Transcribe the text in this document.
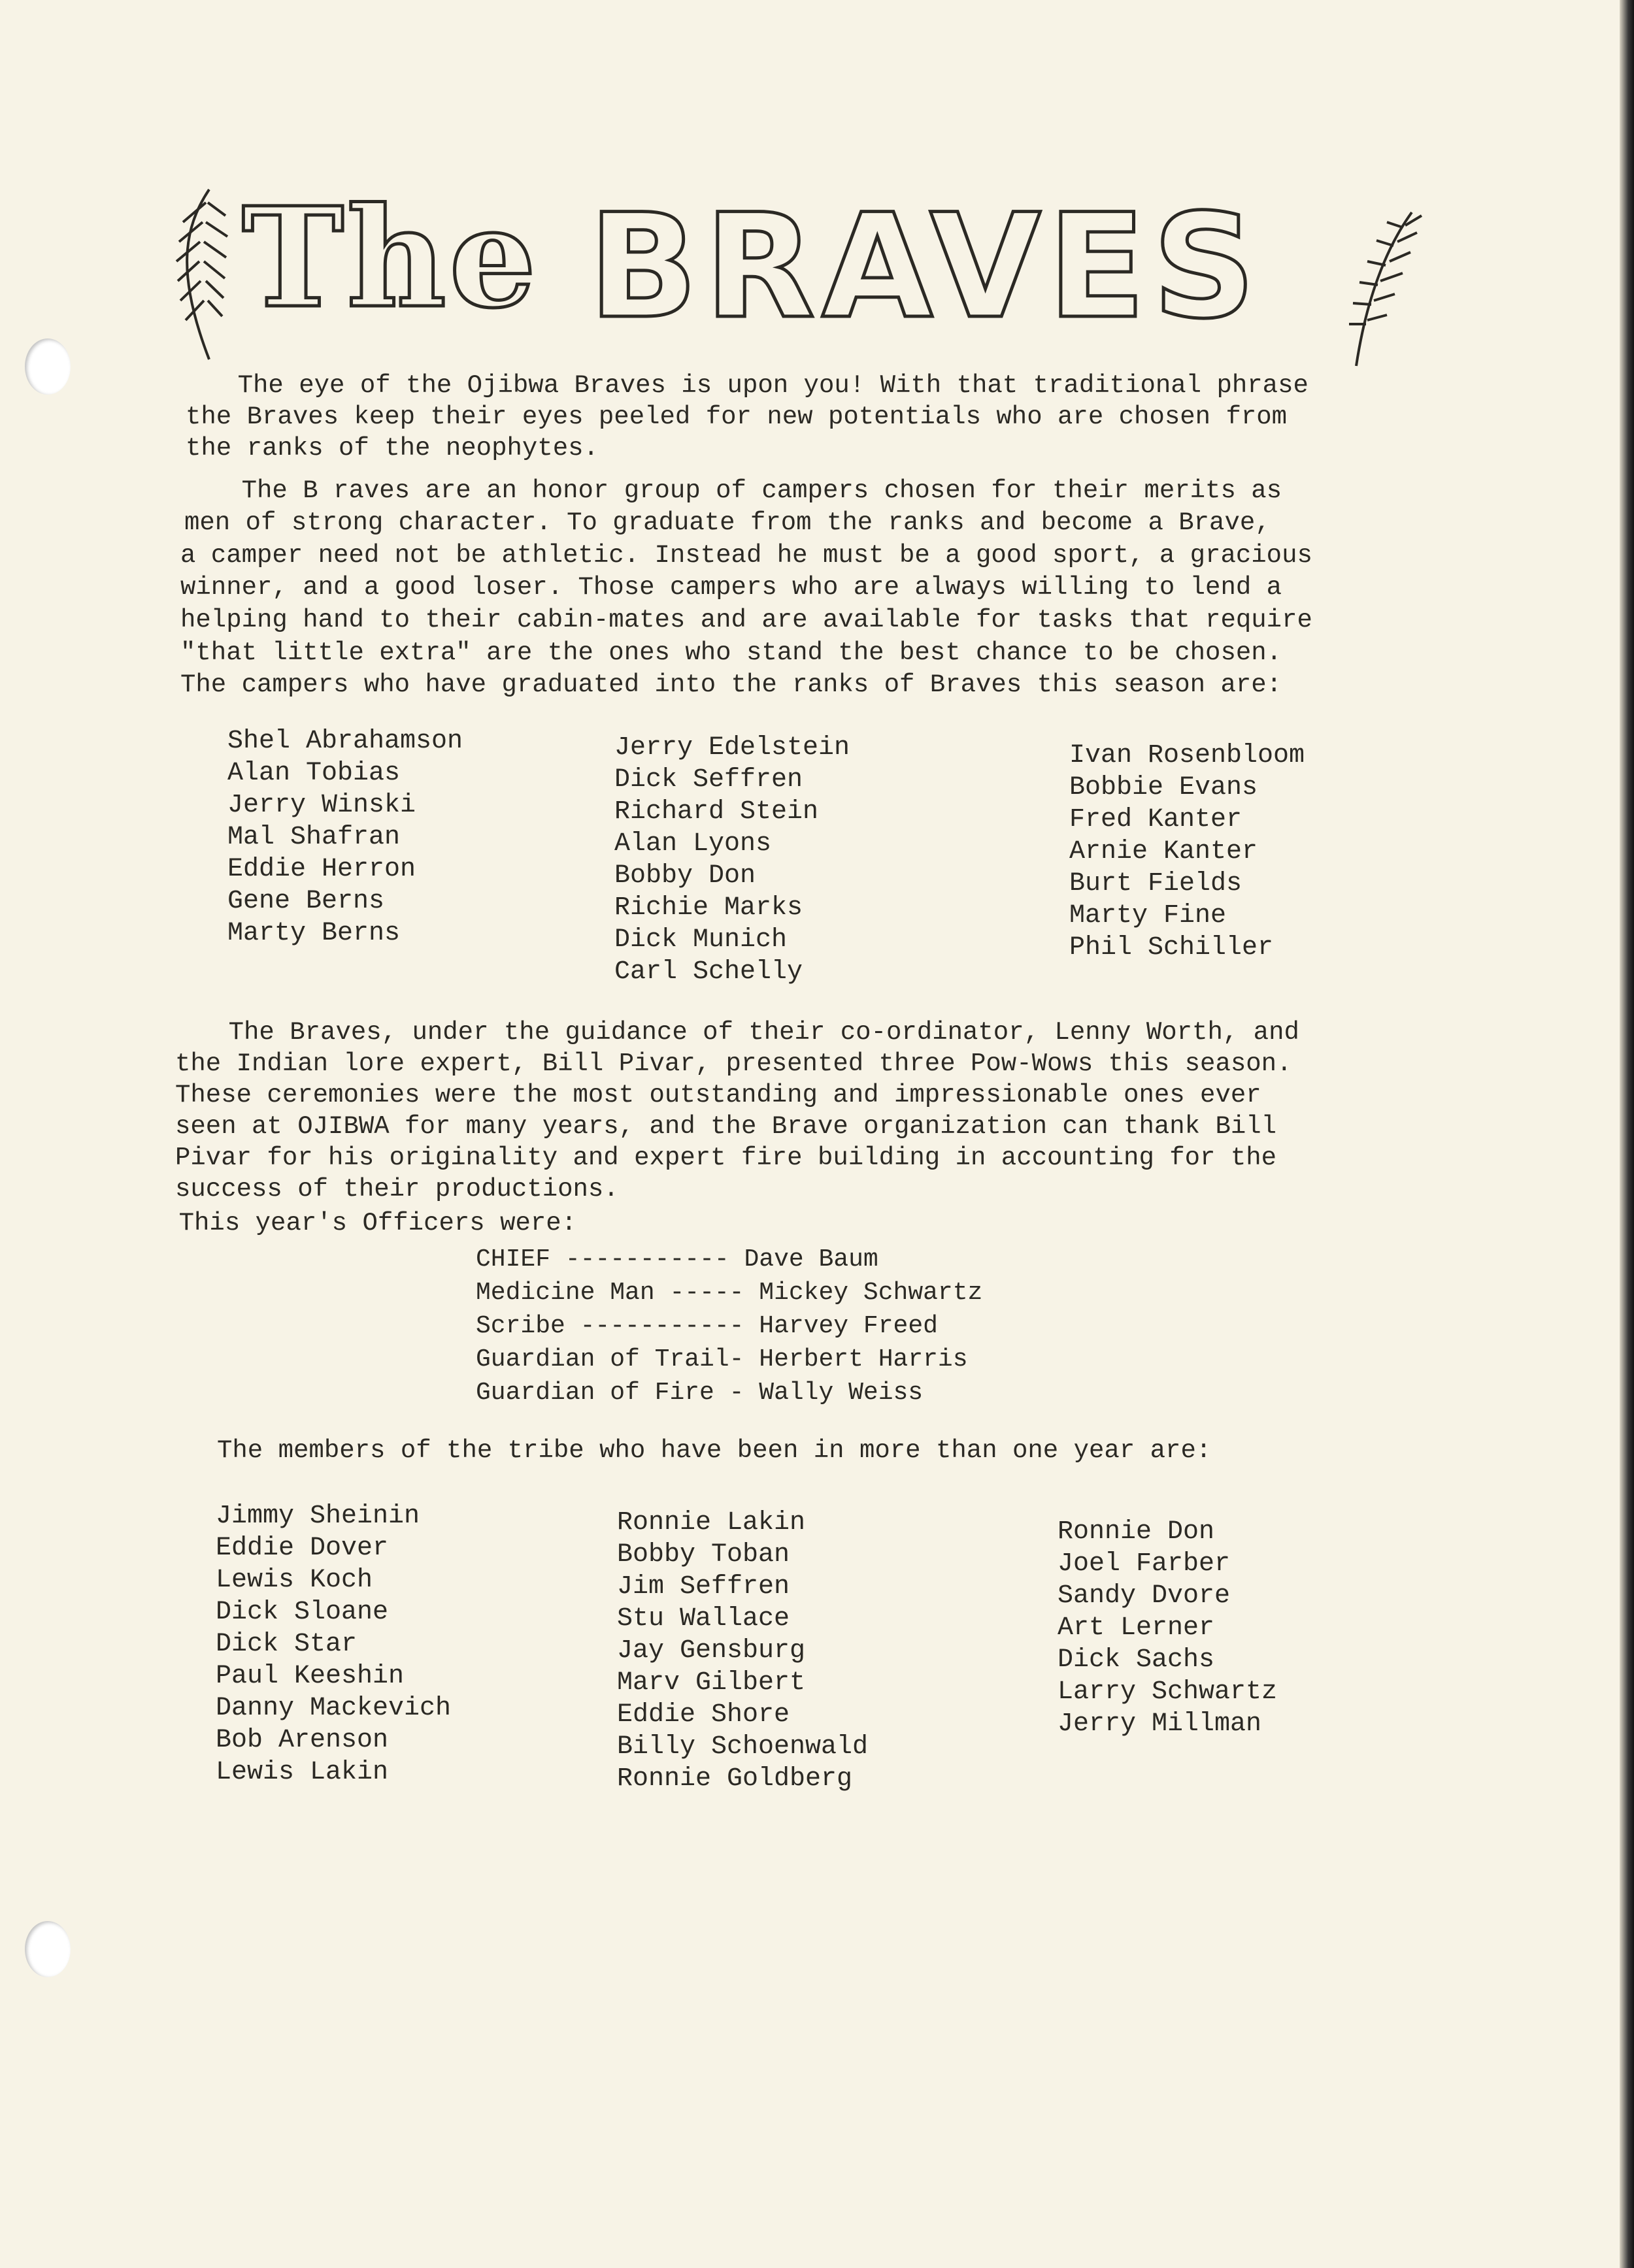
The BRAVES

The eye of the Ojibwa Braves is upon you! With that traditional phrase

the Braves keep their eyes peeled for new potentials who are chosen from

the ranks of the neophytes.

The B raves are an honor group of campers chosen for their merits as

men of strong character. To graduate from the ranks and become a Brave,

a camper need not be athletic. Instead he must be a good sport, a gracious

winner, and a good loser. Those campers who are always willing to lend a

helping hand to their cabin-mates and are available for tasks that require

"that little extra" are the ones who stand the best chance to be chosen.

The campers who have graduated into the ranks of Braves this season are:

Shel Abrahamson
Alan Tobias
Jerry Winski
Mal Shafran
Eddie Herron
Gene Berns
Marty Berns
Jerry Edelstein
Dick Seffren
Richard Stein
Alan Lyons
Bobby Don
Richie Marks
Dick Munich
Carl Schelly
Ivan Rosenbloom
Bobbie Evans
Fred Kanter
Arnie Kanter
Burt Fields
Marty Fine
Phil Schiller

The Braves, under the guidance of their co-ordinator, Lenny Worth, and

the Indian lore expert, Bill Pivar, presented three Pow-Wows this season.

These ceremonies were the most outstanding and impressionable ones ever

seen at OJIBWA for many years, and the Brave organization can thank Bill

Pivar for his originality and expert fire building in accounting for the

success of their productions.

This year's Officers were:

CHIEF ----------- Dave Baum
Medicine Man ----- Mickey Schwartz
Scribe ----------- Harvey Freed
Guardian of Trail- Herbert Harris
Guardian of Fire - Wally Weiss

The members of the tribe who have been in more than one year are:

Jimmy Sheinin
Eddie Dover
Lewis Koch
Dick Sloane
Dick Star
Paul Keeshin
Danny Mackevich
Bob Arenson
Lewis Lakin
Ronnie Lakin
Bobby Toban
Jim Seffren
Stu Wallace
Jay Gensburg
Marv Gilbert
Eddie Shore
Billy Schoenwald
Ronnie Goldberg
Ronnie Don
Joel Farber
Sandy Dvore
Art Lerner
Dick Sachs
Larry Schwartz
Jerry Millman
